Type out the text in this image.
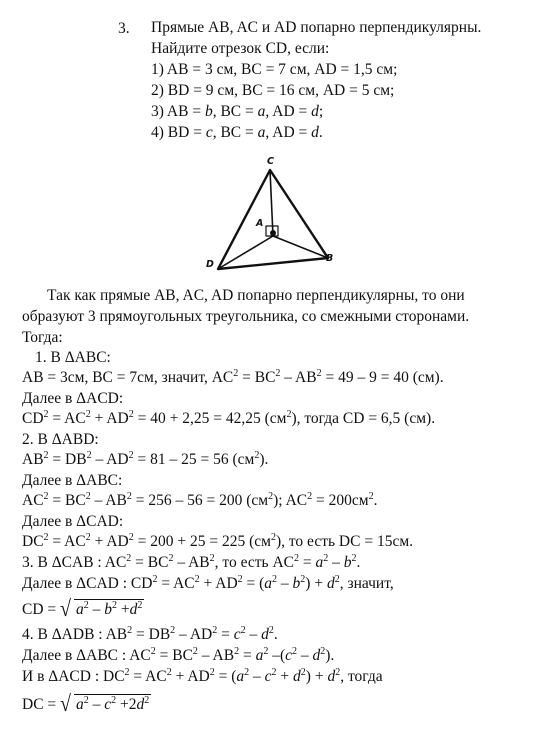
3. Прямые AB, AC и AD попарно перпендикулярны.
Найдите отрезок CD, если:
1) AB = 3 см, BC = 7 см, AD = 1,5 см;
2) BD = 9 см, BC = 16 см, AD = 5 см;
3) AB = b, BC = a, AD = d;
4) BD = c, BC = a, AD = d.
C
A
D
B
Так как прямые AB, AC, AD попарно перпендикулярны, то они
образуют 3 прямоугольных треугольника, со смежными сторонами.
Тогда:
1. В ΔABC:
AB = 3см, BC = 7см, значит, $AC^2 = BC^2 - AB^2 = 49 - 9 = 40$ (см).
Далее в ΔACD:
$CD^2 = AC^2 + AD^2 = 40 + 2,25 = 42,25$ $(см^2)$, тогда CD = 6,5 (см).
2. В ΔABD:
$AB^2 = DB^2 - AD^2 = 81 - 25 = 56$ $(см^2)$.
Далее в ΔABC:
$AC^2 = BC^2 - AB^2 = 256 - 56 = 200$ $(см^2)$; $AC^2 = 200см^2$.
Далее в ΔCAD:
$DC^2 = AC^2 + AD^2 = 200 + 25 = 225$ $(см^2)$, то есть DC = 15см.
3. В ΔCAB : $AC^2 = BC^2 - AB^2$, то есть $AC^2 = a^2 - b^2$.
Далее в ΔCAD : $CD^2 = AC^2 + AD^2 = (a^2 - b^2) + d^2$, значит,
CD = √ $a^2 - b^2 +d^2$
4. В ΔADB : $AB^2 = DB^2 - AD^2 = c^2 - d^2$.
Далее в ΔABC : $AC^2 = BC^2 - AB^2 = a^2$ $-(c^2 - d^2)$.
И в ΔACD : $DC^2 = AC^2 + AD^2 = (a^2 - c^2 + d^2) + d^2$, тогда
DC = √ $a^2 - c^2 +2d^2$
